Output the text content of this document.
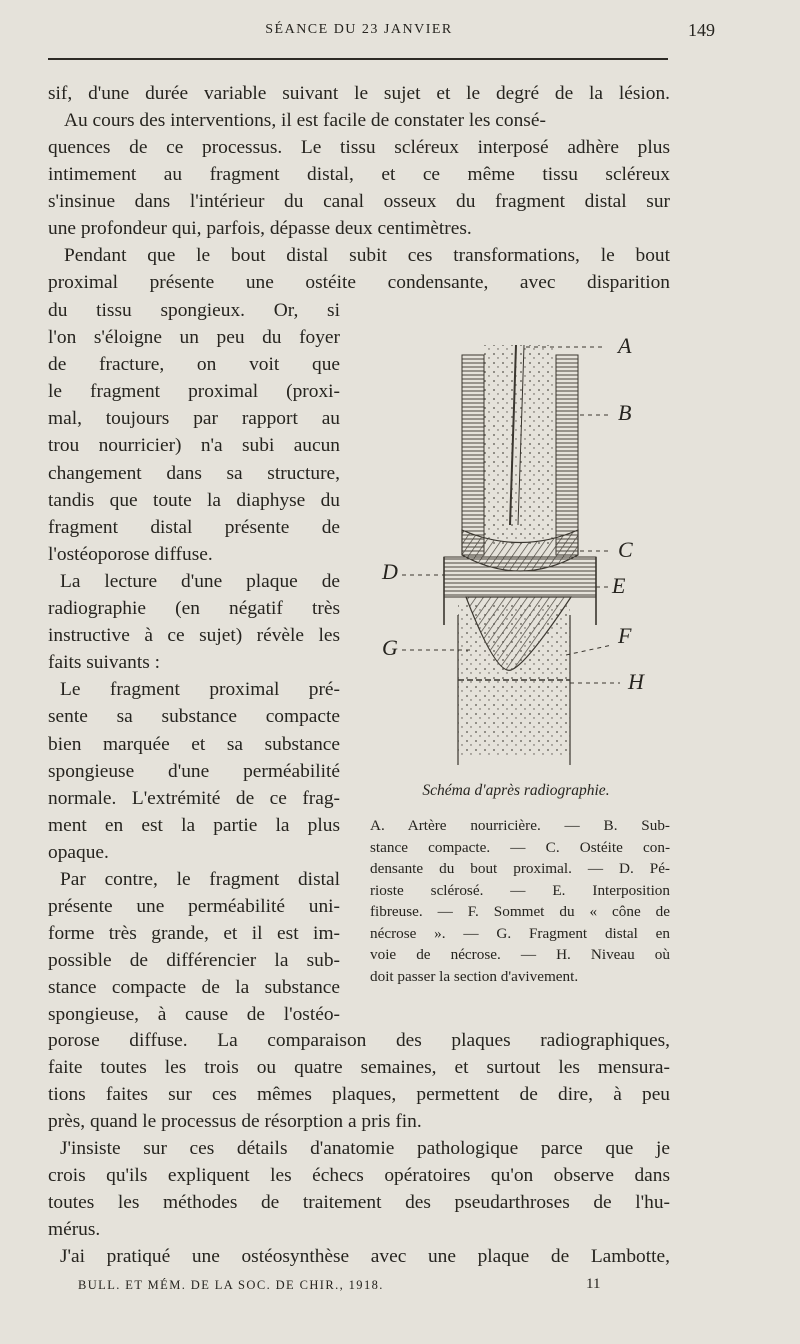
SÉANCE DU 23 JANVIER	149
sif, d'une durée variable suivant le sujet et le degré de la lésion.
Au cours des interventions, il est facile de constater les consé-
quences de ce processus. Le tissu scléreux interposé adhère plus
intimement au fragment distal, et ce même tissu scléreux
s'insinue dans l'intérieur du canal osseux du fragment distal sur
une profondeur qui, parfois, dépasse deux centimètres.
Pendant que le bout distal subit ces transformations, le bout
proximal présente une ostéite condensante, avec disparition
du tissu spongieux. Or, si
l'on s'éloigne un peu du foyer
de fracture, on voit que
le fragment proximal (proxi-
mal, toujours par rapport au
trou nourricier) n'a subi aucun
changement dans sa structure,
tandis que toute la diaphyse du
fragment distal présente de
l'ostéoporose diffuse.
La lecture d'une plaque de
radiographie (en négatif très
instructive à ce sujet) révèle les
faits suivants :
Le fragment proximal pré-
sente sa substance compacte
bien marquée et sa substance
spongieuse d'une perméabilité
normale. L'extrémité de ce frag-
ment en est la partie la plus
opaque.
Par contre, le fragment distal
présente une perméabilité uni-
forme très grande, et il est im-
possible de différencier la sub-
stance compacte de la substance
spongieuse, à cause de l'ostéo-
A
B
C
D
E
F
G
H
Schéma d'après radiographie.
A. Artère nourricière. — B. Sub-
stance compacte. — C. Ostéite con-
densante du bout proximal. — D. Pé-
rioste sclérosé. — E. Interposition
fibreuse. — F. Sommet du « cône de
nécrose ». — G. Fragment distal en
voie de nécrose. — H. Niveau où
doit passer la section d'avivement.
porose diffuse. La comparaison des plaques radiographiques,
faite toutes les trois ou quatre semaines, et surtout les mensura-
tions faites sur ces mêmes plaques, permettent de dire, à peu
près, quand le processus de résorption a pris fin.
J'insiste sur ces détails d'anatomie pathologique parce que je
crois qu'ils expliquent les échecs opératoires qu'on observe dans
toutes les méthodes de traitement des pseudarthroses de l'hu-
mérus.
J'ai pratiqué une ostéosynthèse avec une plaque de Lambotte,
BULL. ET MÉM. DE LA SOC. DE CHIR., 1918.	11
